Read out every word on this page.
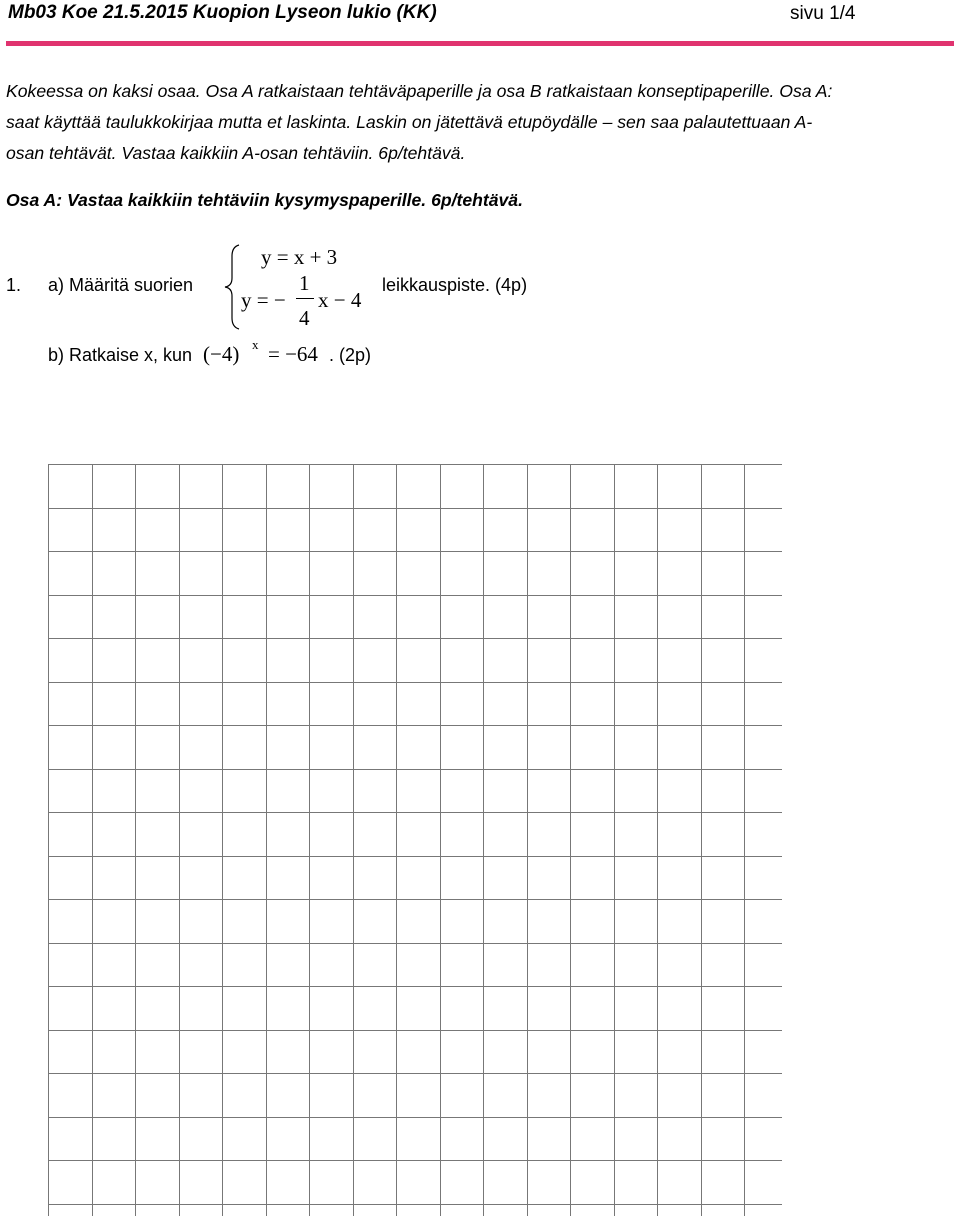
Mb03 Koe 21.5.2015 Kuopion Lyseon lukio (KK)	sivu 1/4
Kokeessa on kaksi osaa. Osa A ratkaistaan tehtäväpaperille ja osa B ratkaistaan konseptipaperille. Osa A:
saat käyttää taulukkokirjaa mutta et laskinta. Laskin on jätettävä etupöydälle – sen saa palautettuaan A-
osan tehtävät. Vastaa kaikkiin A-osan tehtäviin. 6p/tehtävä.
Osa A: Vastaa kaikkiin tehtäviin kysymyspaperille. 6p/tehtävä.
1. a) Määritä suorien
y = x + 3
y = −
1
4
x − 4
leikkauspiste. (4p)
b) Ratkaise x, kun (−4) x = −64 . (2p)
